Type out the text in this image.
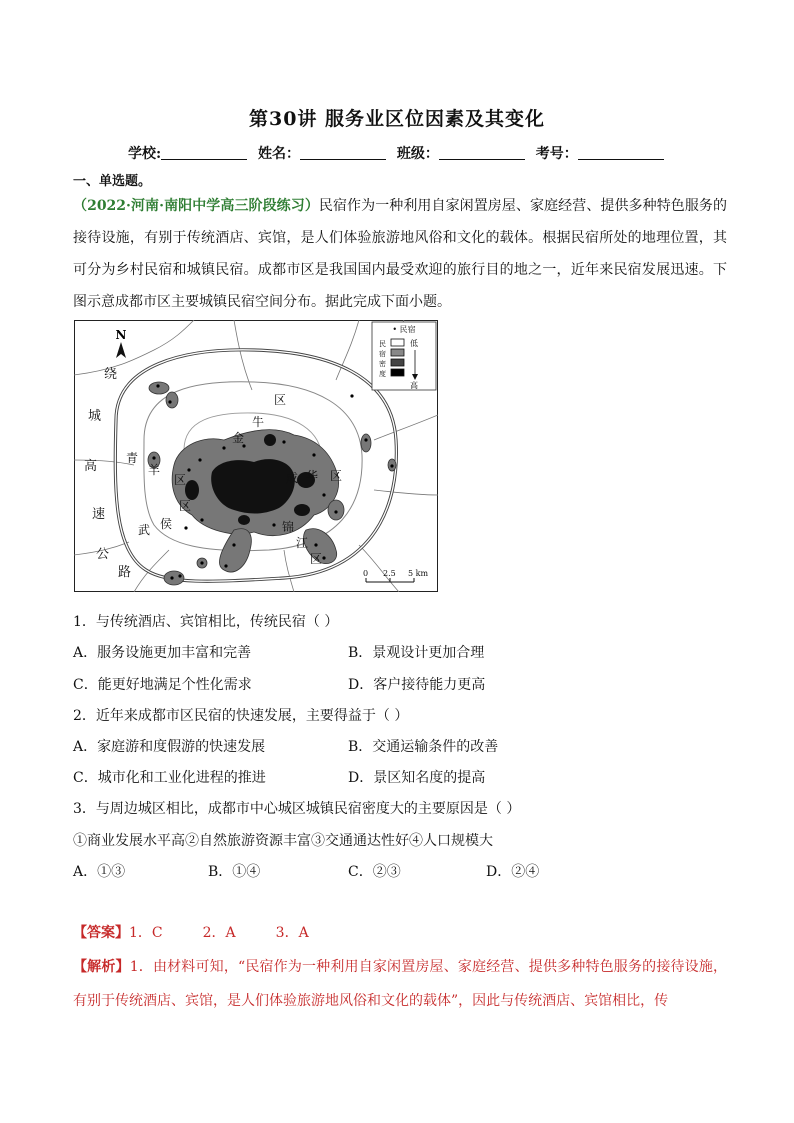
第30讲 服务业区位因素及其变化
学校:	姓名：	班级：	考号：
一、单选题。
（2022·河南·南阳中学高三阶段练习）民宿作为一种利用自家闲置房屋、家庭经营、提供多种特色服务的接待设施，有别于传统酒店、宾馆，是人们体验旅游地风俗和文化的载体。根据民宿所处的地理位置，其可分为乡村民宿和城镇民宿。成都市区是我国国内最受欢迎的旅行目的地之一，近年来民宿发展迅速。下图示意成都市区主要城镇民宿空间分布。据此完成下面小题。
N
绕
城
高
速
公
路
金
牛
区
青
羊
区	成 华 区
武 侯
区
锦
江
区
• 民宿
民
宿
密
度
低
高
0 2.5 5 km
1．与传统酒店、宾馆相比，传统民宿（ ）
A．服务设施更加丰富和完善	B．景观设计更加合理
C．能更好地满足个性化需求	D．客户接待能力更高
2．近年来成都市区民宿的快速发展，主要得益于（ ）
A．家庭游和度假游的快速发展	B．交通运输条件的改善
C．城市化和工业化进程的推进	D．景区知名度的提高
3．与周边城区相比，成都市中心城区城镇民宿密度大的主要原因是（ ）
①商业发展水平高②自然旅游资源丰富③交通通达性好④人口规模大
A．①③	B．①④	C．②③	D．②④
【答案】1．C	2．A	3．A
【解析】1．由材料可知，“民宿作为一种利用自家闲置房屋、家庭经营、提供多种特色服务的接待设施，有别于传统酒店、宾馆，是人们体验旅游地风俗和文化的载体”，因此与传统酒店、宾馆相比，传
